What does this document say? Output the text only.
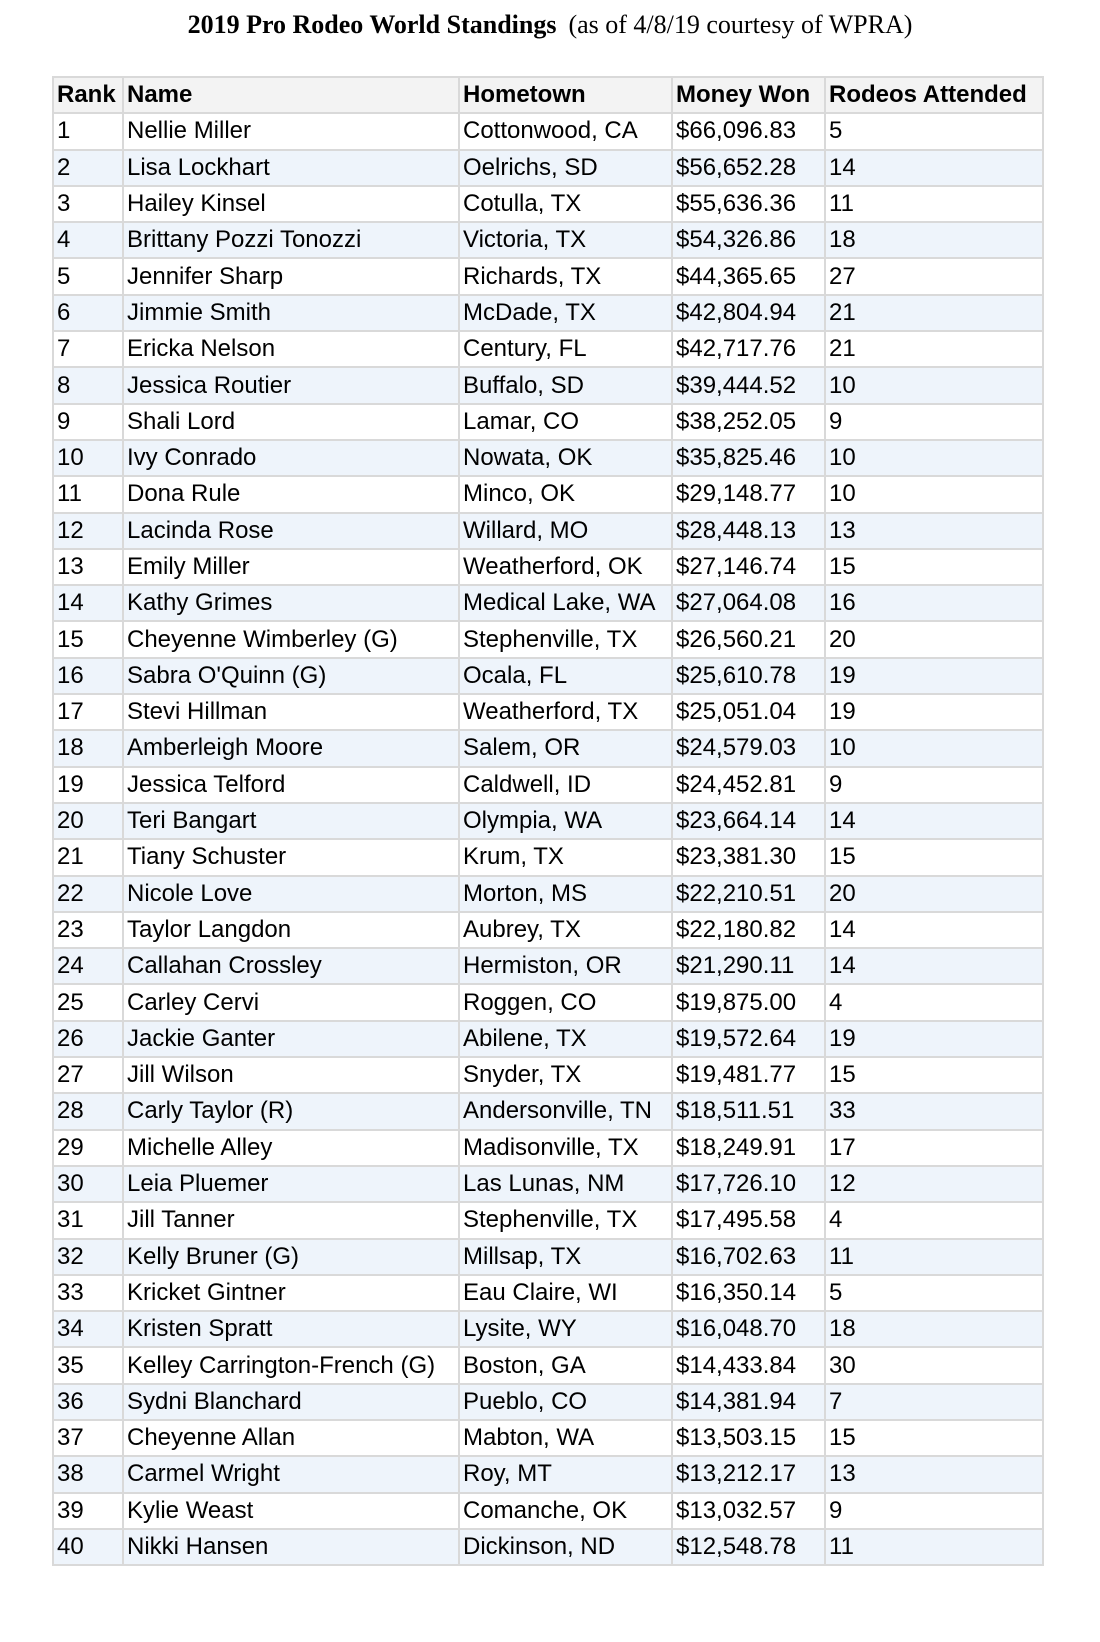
2019 Pro Rodeo World Standings (as of 4/8/19 courtesy of WPRA)
Rank	Name	Hometown	Money Won	Rodeos Attended
1	Nellie Miller	Cottonwood, CA	$66,096.83	5
2	Lisa Lockhart	Oelrichs, SD	$56,652.28	14
3	Hailey Kinsel	Cotulla, TX	$55,636.36	11
4	Brittany Pozzi Tonozzi	Victoria, TX	$54,326.86	18
5	Jennifer Sharp	Richards, TX	$44,365.65	27
6	Jimmie Smith	McDade, TX	$42,804.94	21
7	Ericka Nelson	Century, FL	$42,717.76	21
8	Jessica Routier	Buffalo, SD	$39,444.52	10
9	Shali Lord	Lamar, CO	$38,252.05	9
10	Ivy Conrado	Nowata, OK	$35,825.46	10
11	Dona Rule	Minco, OK	$29,148.77	10
12	Lacinda Rose	Willard, MO	$28,448.13	13
13	Emily Miller	Weatherford, OK	$27,146.74	15
14	Kathy Grimes	Medical Lake, WA	$27,064.08	16
15	Cheyenne Wimberley (G)	Stephenville, TX	$26,560.21	20
16	Sabra O'Quinn (G)	Ocala, FL	$25,610.78	19
17	Stevi Hillman	Weatherford, TX	$25,051.04	19
18	Amberleigh Moore	Salem, OR	$24,579.03	10
19	Jessica Telford	Caldwell, ID	$24,452.81	9
20	Teri Bangart	Olympia, WA	$23,664.14	14
21	Tiany Schuster	Krum, TX	$23,381.30	15
22	Nicole Love	Morton, MS	$22,210.51	20
23	Taylor Langdon	Aubrey, TX	$22,180.82	14
24	Callahan Crossley	Hermiston, OR	$21,290.11	14
25	Carley Cervi	Roggen, CO	$19,875.00	4
26	Jackie Ganter	Abilene, TX	$19,572.64	19
27	Jill Wilson	Snyder, TX	$19,481.77	15
28	Carly Taylor (R)	Andersonville, TN	$18,511.51	33
29	Michelle Alley	Madisonville, TX	$18,249.91	17
30	Leia Pluemer	Las Lunas, NM	$17,726.10	12
31	Jill Tanner	Stephenville, TX	$17,495.58	4
32	Kelly Bruner (G)	Millsap, TX	$16,702.63	11
33	Kricket Gintner	Eau Claire, WI	$16,350.14	5
34	Kristen Spratt	Lysite, WY	$16,048.70	18
35	Kelley Carrington-French (G)	Boston, GA	$14,433.84	30
36	Sydni Blanchard	Pueblo, CO	$14,381.94	7
37	Cheyenne Allan	Mabton, WA	$13,503.15	15
38	Carmel Wright	Roy, MT	$13,212.17	13
39	Kylie Weast	Comanche, OK	$13,032.57	9
40	Nikki Hansen	Dickinson, ND	$12,548.78	11
